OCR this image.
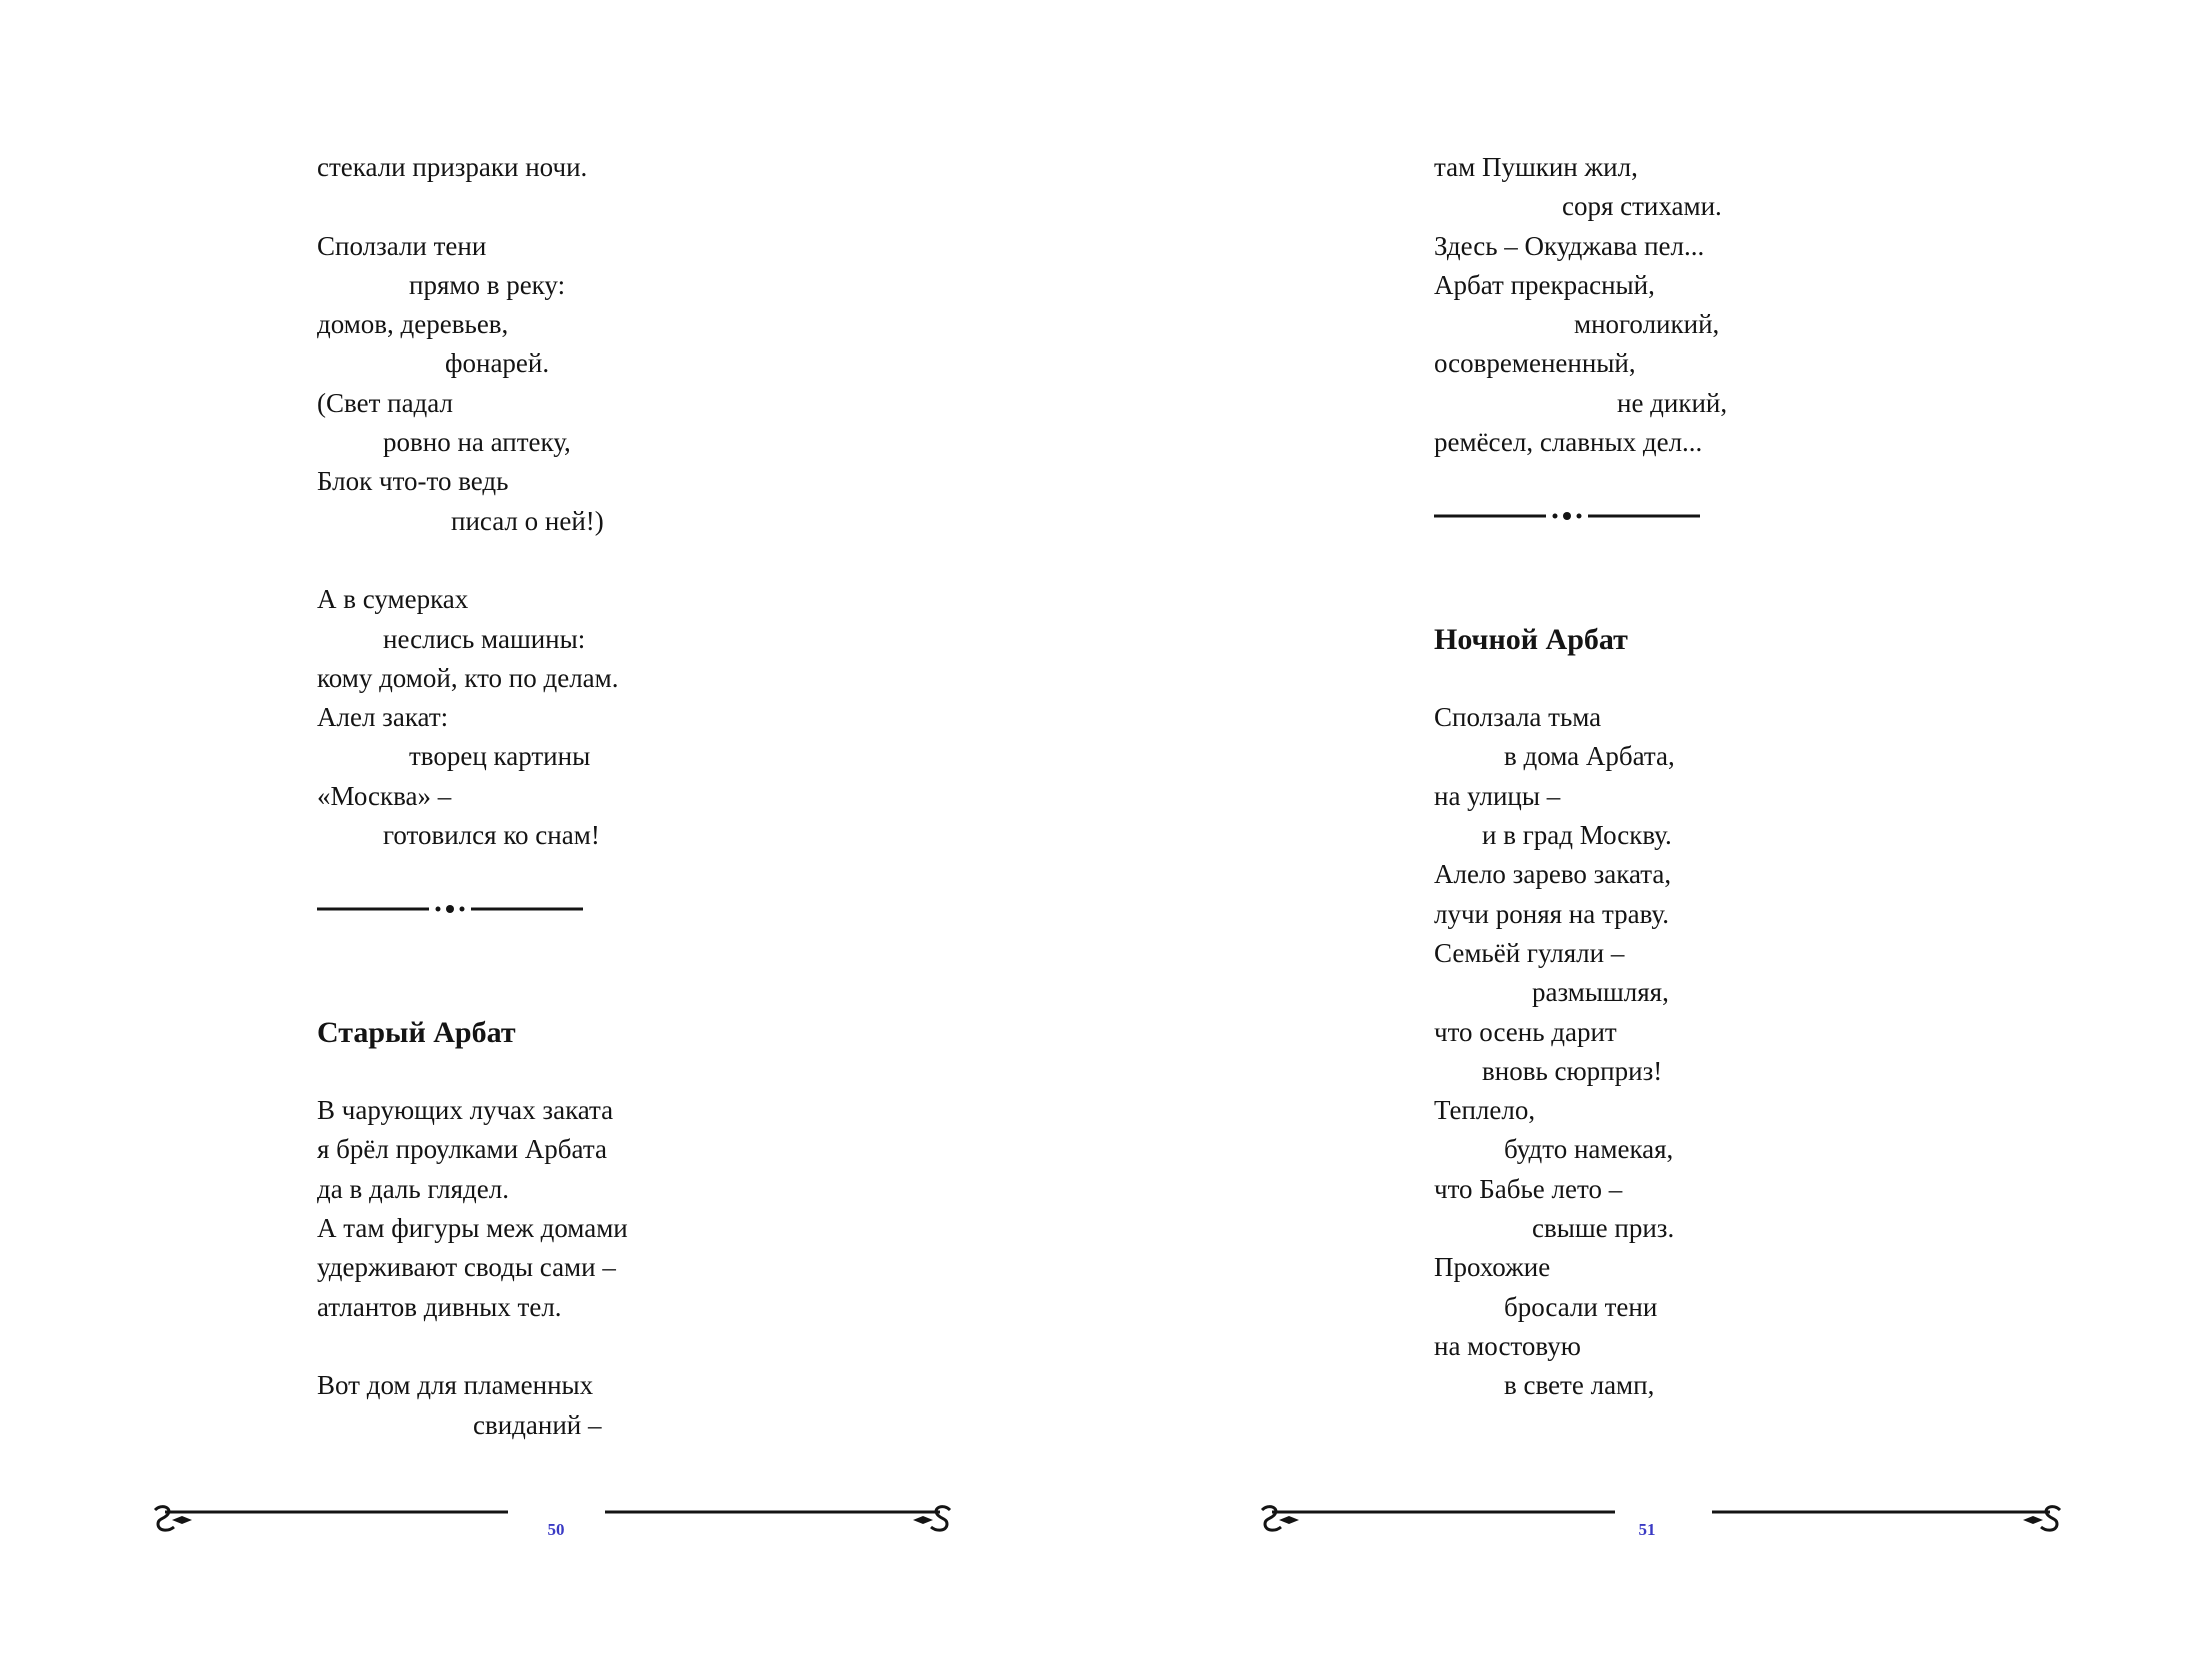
стекали призраки ночи.
Сползали тени
прямо в реку:
домов, деревьев,
фонарей.
(Свет падал
ровно на аптеку,
Блок что-то ведь
писал о ней!)
А в сумерках
неслись машины:
кому домой, кто по делам.
Алел закат:
творец картины
«Москва» –
готовился ко снам!
Старый Арбат
В чарующих лучах заката
я брёл проулками Арбата
да в даль глядел.
А там фигуры меж домами
удерживают своды сами –
атлантов дивных тел.
Вот дом для пламенных
свиданий –
50
там Пушкин жил,
соря стихами.
Здесь – Окуджава пел...
Арбат прекрасный,
многоликий,
осовремененный,
не дикий,
ремёсел, славных дел...
Ночной Арбат
Сползала тьма
в дома Арбата,
на улицы –
и в град Москву.
Алело зарево заката,
лучи роняя на траву.
Семьёй гуляли –
размышляя,
что осень дарит
вновь сюрприз!
Теплело,
будто намекая,
что Бабье лето –
свыше приз.
Прохожие
бросали тени
на мостовую
в свете ламп,
51
